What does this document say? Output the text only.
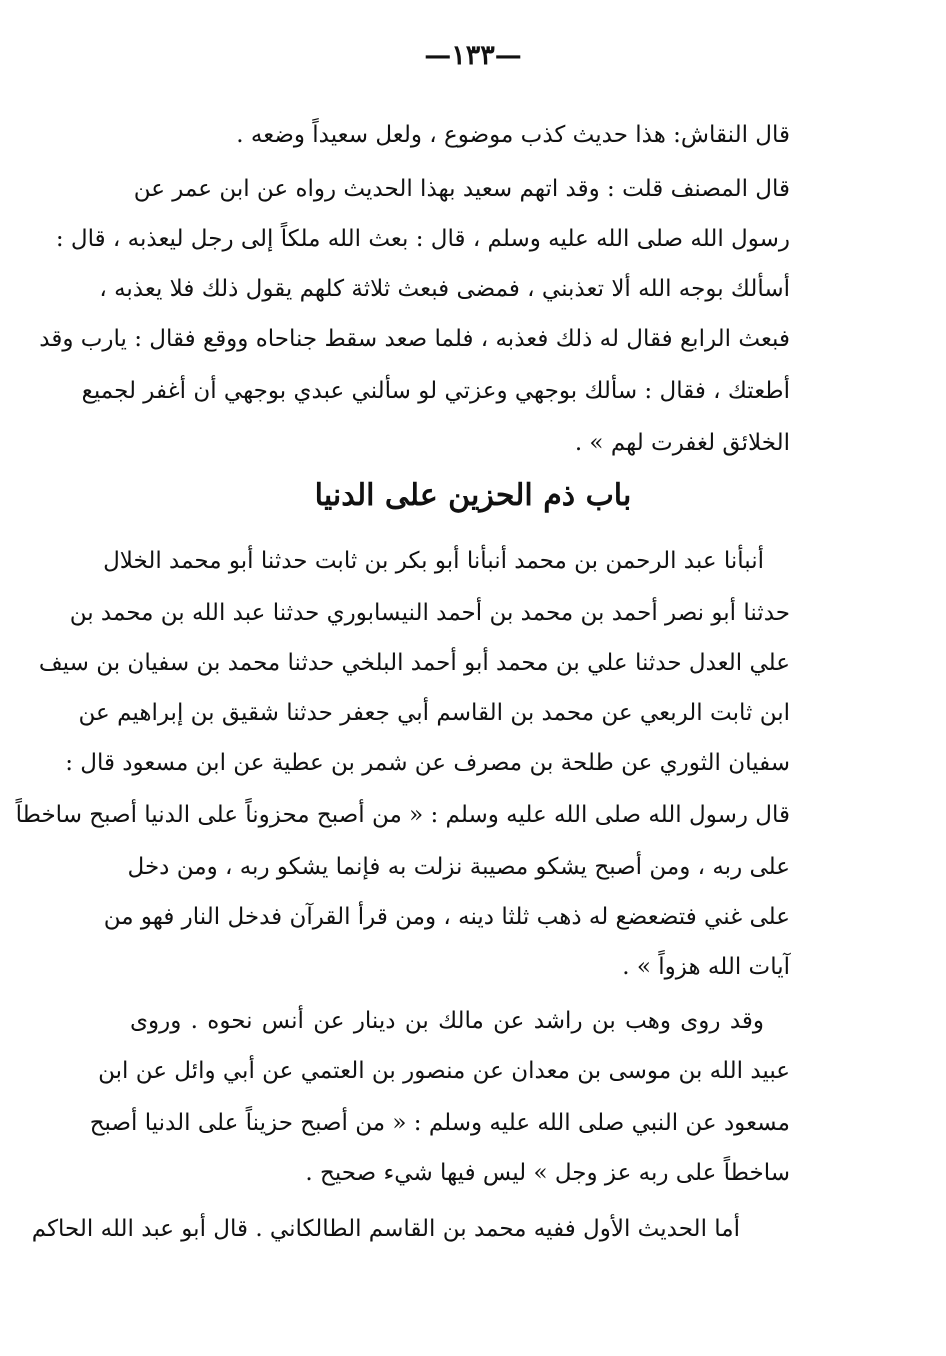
—١٣٣—
قال النقاش: هذا حديث كذب موضوع ، ولعل سعيداً وضعه .
قال المصنف قلت : وقد اتهم سعيد بهذا الحديث رواه عن ابن عمر عن
رسول الله صلى الله عليه وسلم ، قال : بعث الله ملكاً إلى رجل ليعذبه ، قال :
أسألك بوجه الله ألا تعذبني ، فمضى فبعث ثلاثة كلهم يقول ذلك فلا يعذبه ،
فبعث الرابع فقال له ذلك فعذبه ، فلما صعد سقط جناحاه ووقع فقال : يارب وقد
أطعتك ، فقال : سألك بوجهي وعزتي لو سألني عبدي بوجهي أن أغفر لجميع
الخلائق لغفرت لهم » .
باب ذم الحزين على الدنيا
أنبأنا عبد الرحمن بن محمد أنبأنا أبو بكر بن ثابت حدثنا أبو محمد الخلال
حدثنا أبو نصر أحمد بن محمد بن أحمد النيسابوري حدثنا عبد الله بن محمد بن
علي العدل حدثنا علي بن محمد أبو أحمد البلخي حدثنا محمد بن سفيان بن سيف
ابن ثابت الربعي عن محمد بن القاسم أبي جعفر حدثنا شقيق بن إبراهيم عن
سفيان الثوري عن طلحة بن مصرف عن شمر بن عطية عن ابن مسعود قال :
قال رسول الله صلى الله عليه وسلم : « من أصبح محزوناً على الدنيا أصبح ساخطاً
على ربه ، ومن أصبح يشكو مصيبة نزلت به فإنما يشكو ربه ، ومن دخل
على غني فتضعضع له ذهب ثلثا دينه ، ومن قرأ القرآن فدخل النار فهو من
آيات الله هزواً » .
وقد روى وهب بن راشد عن مالك بن دينار عن أنس نحوه . وروى
عبيد الله بن موسى بن معدان عن منصور بن العتمي عن أبي وائل عن ابن
مسعود عن النبي صلى الله عليه وسلم : « من أصبح حزيناً على الدنيا أصبح
ساخطاً على ربه عز وجل » ليس فيها شيء صحيح .
أما الحديث الأول ففيه محمد بن القاسم الطالكاني . قال أبو عبد الله الحاكم
